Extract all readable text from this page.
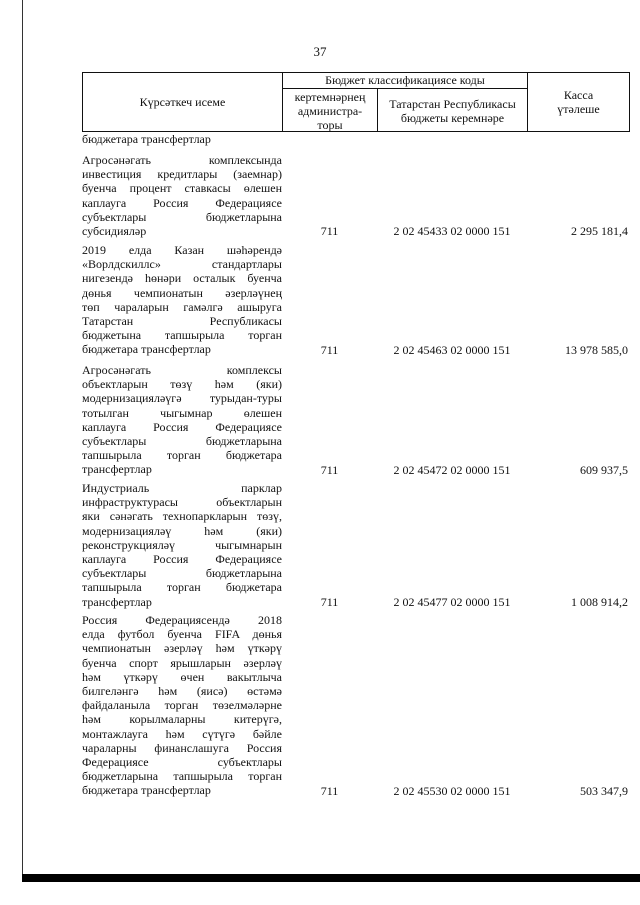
37
Күрсәткеч исеме
Бюджет классификациясе коды
кертемнәрнең
администра-
торы
Татарстан Республикасы
бюджеты керемнәре
Касса
үтәлеше
бюджетара трансфертлар
Агросәнәгать комплексында
инвестиция кредитлары (заемнар)
буенча процент ставкасы өлешен
каплауга Россия Федерациясе
субъектлары бюджетларына
субсидияләр	711	2 02 45433 02 0000 151	2 295 181,4
2019 елда Казан шәһәрендә
«Ворлдскиллс» стандартлары
нигезендә һөнәри осталык буенча
дөнья чемпионатын әзерләүнең
төп чараларын гамәлгә ашыруга
Татарстан Республикасы
бюджетына тапшырыла торган
бюджетара трансфертлар	711	2 02 45463 02 0000 151	13 978 585,0
Агросәнәгать комплексы
объектларын төзү һәм (яки)
модернизацияләүгә турыдан-туры
тотылган чыгымнар өлешен
каплауга Россия Федерациясе
субъектлары бюджетларына
тапшырыла торган бюджетара
трансфертлар	711	2 02 45472 02 0000 151	609 937,5
Индустриаль парклар
инфраструктурасы объектларын
яки сәнәгать технопаркларын төзү,
модернизацияләү һәм (яки)
реконструкцияләү чыгымнарын
каплауга Россия Федерациясе
субъектлары бюджетларына
тапшырыла торган бюджетара
трансфертлар	711	2 02 45477 02 0000 151	1 008 914,2
Россия Федерациясендә 2018
елда футбол буенча FIFA дөнья
чемпионатын әзерләү һәм үткәрү
буенча спорт ярышларын әзерләү
һәм үткәрү өчен вакытлыча
билгеләнгә һәм (яисә) өстәмә
файдаланыла торган төзелмәләрне
һәм корылмаларны китерүгә,
монтажлауга һәм сүтүгә бәйле
чараларны финанслашуга Россия
Федерациясе субъектлары
бюджетларына тапшырыла торган
бюджетара трансфертлар	711	2 02 45530 02 0000 151	503 347,9
